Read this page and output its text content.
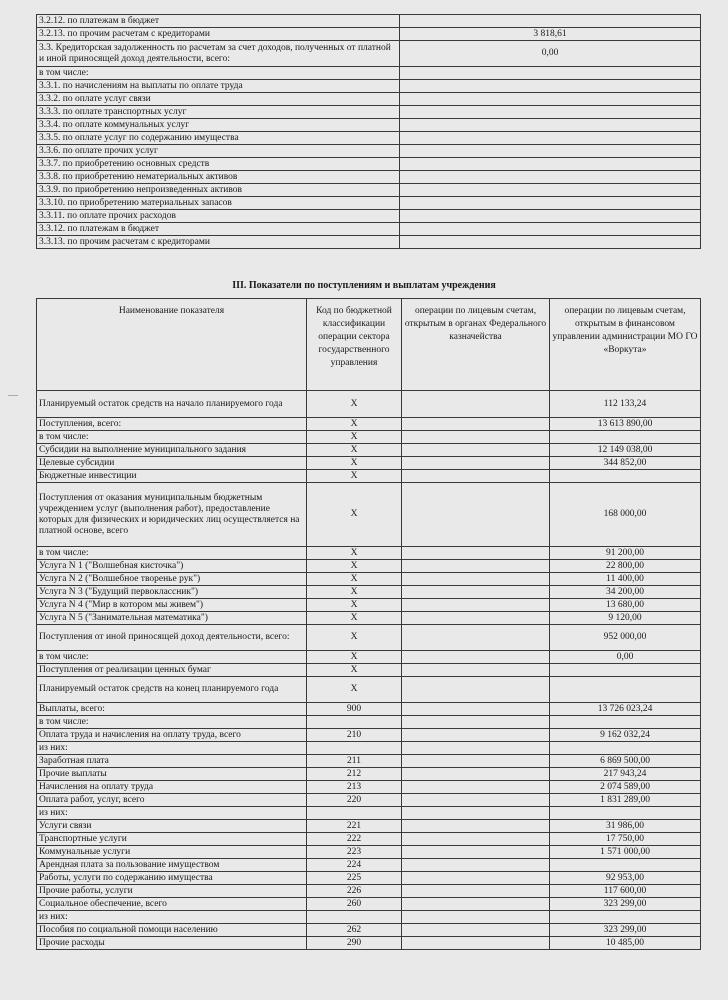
3.2.12. по платежам в бюджет	
3.2.13. по прочим расчетам с кредиторами	3 818,61
3.3. Кредиторская задолженность по расчетам за счет доходов, полученных от платной и иной приносящей доход деятельности, всего:	0,00
в том числе:	
3.3.1. по начислениям на выплаты по оплате труда	
3.3.2. по оплате услуг связи	
3.3.3. по оплате транспортных услуг	
3.3.4. по оплате коммунальных услуг	
3.3.5. по оплате услуг по содержанию имущества	
3.3.6. по оплате прочих услуг	
3.3.7. по приобретению основных средств	
3.3.8. по приобретению нематериальных активов	
3.3.9. по приобретению непроизведенных активов	
3.3.10. по приобретению материальных запасов	
3.3.11. по оплате прочих расходов	
3.3.12. по платежам в бюджет	
3.3.13. по прочим расчетам с кредиторами	
III. Показатели по поступлениям и выплатам учреждения
Наименование показателя	Код по бюджетной классификации операции сектора государственного управления	операции по лицевым счетам, открытым в органах Федерального казначейства	операции по лицевым счетам, открытым в финансовом управлении администрации МО ГО «Воркута»
Планируемый остаток средств на начало планируемого года	X		112 133,24
Поступления, всего:	X		13 613 890,00
в том числе:	X		
Субсидии на выполнение муниципального задания	X		12 149 038,00
Целевые субсидии	X		344 852,00
Бюджетные инвестиции	X		
Поступления от оказания муниципальным бюджетным учреждением услуг (выполнения работ), предоставление которых для физических и юридических лиц осуществляется на платной основе, всего	X		168 000,00
в том числе:	X		91 200,00
Услуга N 1 ("Волшебная кисточка")	X		22 800,00
Услуга N 2 ("Волшебное творенье рук")	X		11 400,00
Услуга N 3 ("Будущий первоклассник")	X		34 200,00
Услуга N 4 ("Мир в котором мы живем")	X		13 680,00
Услуга N 5 ("Занимательная математика")	X		9 120,00
Поступления от иной приносящей доход деятельности, всего:	X		952 000,00
в том числе:	X		0,00
Поступления от реализации ценных бумаг	X		
Планируемый остаток средств на конец планируемого года	X		
Выплаты, всего:	900		13 726 023,24
в том числе:			
Оплата труда и начисления на оплату труда, всего	210		9 162 032,24
из них:			
Заработная плата	211		6 869 500,00
Прочие выплаты	212		217 943,24
Начисления на оплату труда	213		2 074 589,00
Оплата работ, услуг, всего	220		1 831 289,00
из них:			
Услуги связи	221		31 986,00
Транспортные услуги	222		17 750,00
Коммунальные услуги	223		1 571 000,00
Арендная плата за пользование имуществом	224		
Работы, услуги по содержанию имущества	225		92 953,00
Прочие работы, услуги	226		117 600,00
Социальное обеспечение, всего	260		323 299,00
из них:			
Пособия по социальной помощи населению	262		323 299,00
Прочие расходы	290		10 485,00
—
